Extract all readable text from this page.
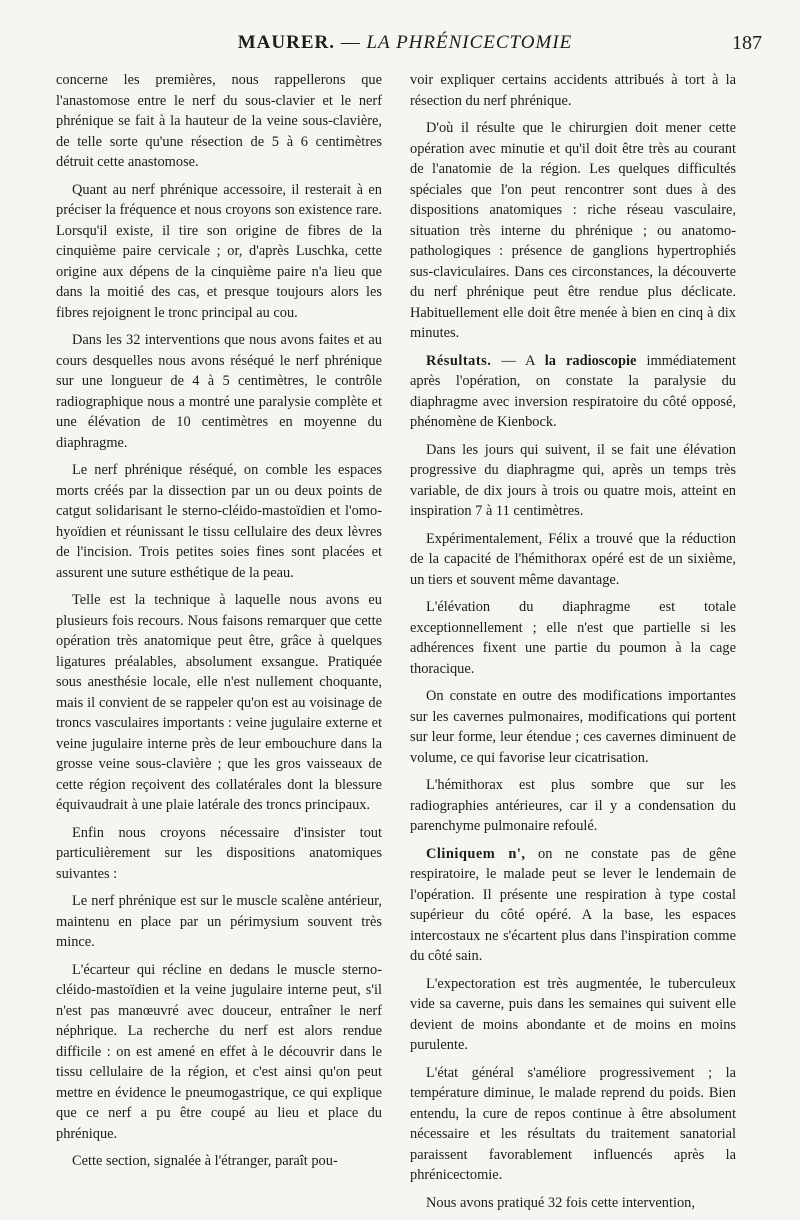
MAURER. — LA PHRÉNICECTOMIE	187

concerne les premières, nous rappellerons que l'anastomose entre le nerf du sous-clavier et le nerf phrénique se fait à la hauteur de la veine sous-clavière, de telle sorte qu'une résection de 5 à 6 centimètres détruit cette anastomose.

Quant au nerf phrénique accessoire, il resterait à en préciser la fréquence et nous croyons son existence rare. Lorsqu'il existe, il tire son origine de fibres de la cinquième paire cervicale ; or, d'après Luschka, cette origine aux dépens de la cinquième paire n'a lieu que dans la moitié des cas, et presque toujours alors les fibres rejoignent le tronc principal au cou.

Dans les 32 interventions que nous avons faites et au cours desquelles nous avons réséqué le nerf phrénique sur une longueur de 4 à 5 centimètres, le contrôle radiographique nous a montré une paralysie complète et une élévation de 10 centimètres en moyenne du diaphragme.

Le nerf phrénique réséqué, on comble les espaces morts créés par la dissection par un ou deux points de catgut solidarisant le sterno-cléido-mastoïdien et l'omo-hyoïdien et réunissant le tissu cellulaire des deux lèvres de l'incision. Trois petites soies fines sont placées et assurent une suture esthétique de la peau.

Telle est la technique à laquelle nous avons eu plusieurs fois recours. Nous faisons remarquer que cette opération très anatomique peut être, grâce à quelques ligatures préalables, absolument exsangue. Pratiquée sous anesthésie locale, elle n'est nullement choquante, mais il convient de se rappeler qu'on est au voisinage de troncs vasculaires importants : veine jugulaire externe et veine jugulaire interne près de leur embouchure dans la grosse veine sous-clavière ; que les gros vaisseaux de cette région reçoivent des collatérales dont la blessure équivaudrait à une plaie latérale des troncs principaux.

Enfin nous croyons nécessaire d'insister tout particulièrement sur les dispositions anatomiques suivantes :

Le nerf phrénique est sur le muscle scalène antérieur, maintenu en place par un périmysium souvent très mince.

L'écarteur qui récline en dedans le muscle sterno-cléido-mastoïdien et la veine jugulaire interne peut, s'il n'est pas manœuvré avec douceur, entraîner le nerf néphrique. La recherche du nerf est alors rendue difficile : on est amené en effet à le découvrir dans le tissu cellulaire de la région, et c'est ainsi qu'on peut mettre en évidence le pneumogastrique, ce qui explique que ce nerf a pu être coupé au lieu et place du phrénique.

Cette section, signalée à l'étranger, paraît pou-

voir expliquer certains accidents attribués à tort à la résection du nerf phrénique.

D'où il résulte que le chirurgien doit mener cette opération avec minutie et qu'il doit être très au courant de l'anatomie de la région. Les quelques difficultés spéciales que l'on peut rencontrer sont dues à des dispositions anatomiques : riche réseau vasculaire, situation très interne du phrénique ; ou anatomo-pathologiques : présence de ganglions hypertrophiés sus-claviculaires. Dans ces circonstances, la découverte du nerf phrénique peut être rendue plus déclicate. Habituellement elle doit être menée à bien en cinq à dix minutes.

Résultats. — A la radioscopie immédiatement après l'opération, on constate la paralysie du diaphragme avec inversion respiratoire du côté opposé, phénomène de Kienbock.

Dans les jours qui suivent, il se fait une élévation progressive du diaphragme qui, après un temps très variable, de dix jours à trois ou quatre mois, atteint en inspiration 7 à 11 centimètres.

Expérimentalement, Félix a trouvé que la réduction de la capacité de l'hémithorax opéré est de un sixième, un tiers et souvent même davantage.

L'élévation du diaphragme est totale exceptionnellement ; elle n'est que partielle si les adhérences fixent une partie du poumon à la cage thoracique.

On constate en outre des modifications importantes sur les cavernes pulmonaires, modifications qui portent sur leur forme, leur étendue ; ces cavernes diminuent de volume, ce qui favorise leur cicatrisation.

L'hémithorax est plus sombre que sur les radiographies antérieures, car il y a condensation du parenchyme pulmonaire refoulé.

Cliniquem n', on ne constate pas de gêne respiratoire, le malade peut se lever le lendemain de l'opération. Il présente une respiration à type costal supérieur du côté opéré. A la base, les espaces intercostaux ne s'écartent plus dans l'inspiration comme du côté sain.

L'expectoration est très augmentée, le tuberculeux vide sa caverne, puis dans les semaines qui suivent elle devient de moins abondante et de moins en moins purulente.

L'état général s'améliore progressivement ; la température diminue, le malade reprend du poids. Bien entendu, la cure de repos continue à être absolument nécessaire et les résultats du traitement sanatorial paraissent favorablement influencés après la phrénicectomie.

Nous avons pratiqué 32 fois cette intervention,
